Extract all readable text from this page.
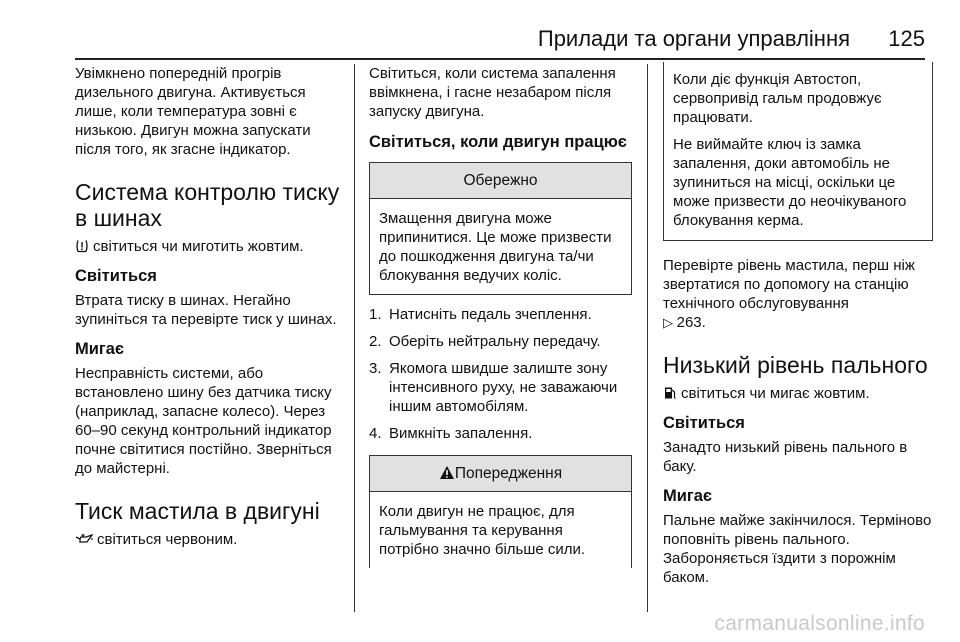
Прилади та органи управління 125

Увімкнено попередній прогрів дизельного двигуна. Активується лише, коли температура зовні є низькою. Двигун можна запускати після того, як згасне індикатор.

Система контролю тиску в шинах

світиться чи миготить жовтим.

Світиться

Втрата тиску в шинах. Негайно зупиніться та перевірте тиск у шинах.

Мигає

Несправність системи, або встановлено шину без датчика тиску (наприклад, запасне колесо). Через 60–90 секунд контрольний індикатор почне світитися постійно. Зверніться до майстерні.

Тиск мастила в двигуні

світиться червоним.

Світиться, коли система запалення ввімкнена, і гасне незабаром після запуску двигуна.

Світиться, коли двигун працює
Обережно

Змащення двигуна може припинитися. Це може призвести до пошкодження двигуна та/чи блокування ведучих коліс.

1. Натисніть педаль зчеплення.
2. Оберіть нейтральну передачу.
3. Якомога швидше залиште зону інтенсивного руху, не заважаючи іншим автомобілям.
4. Вимкніть запалення.
Попередження

Коли двигун не працює, для гальмування та керування потрібно значно більше сили.

Коли діє функція Автостоп, сервопривід гальм продовжує працювати.

Не виймайте ключ із замка запалення, доки автомобіль не зупиниться на місці, оскільки це може призвести до неочікуваного блокування керма.

Перевірте рівень мастила, перш ніж звертатися по допомогу на станцію технічного обслуговування
▷ 263.

Низький рівень пального

світиться чи мигає жовтим.

Світиться

Занадто низький рівень пального в баку.

Мигає

Пальне майже закінчилося. Терміново поповніть рівень пального. Забороняється їздити з порожнім баком.

carmanualsonline.info
